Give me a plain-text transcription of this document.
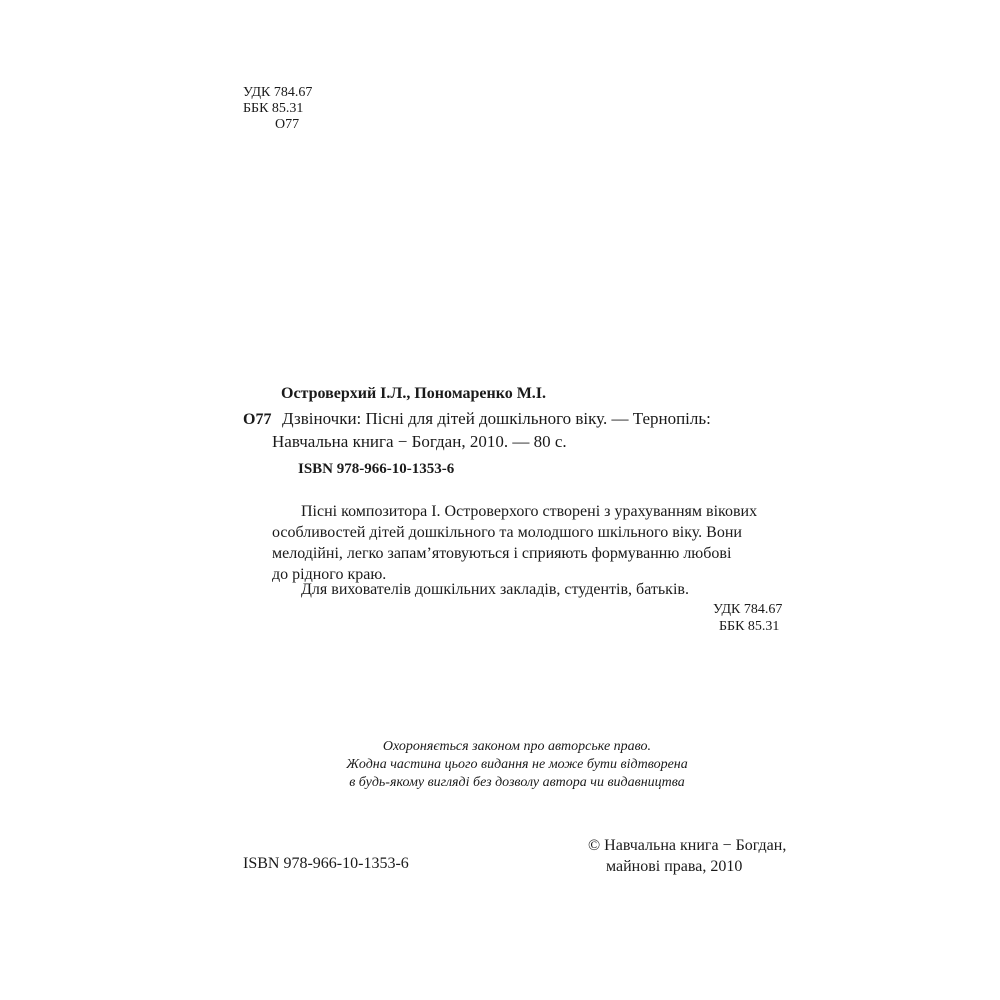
УДК 784.67
ББК 85.31
О77
Островерхий І.Л., Пономаренко М.І.
О77 Дзвіночки: Пісні для дітей дошкільного віку. — Тернопіль:
Навчальна книга − Богдан, 2010. — 80 с.
ISBN 978-966-10-1353-6
Пісні композитора І. Островерхого створені з урахуванням вікових
особливостей дітей дошкільного та молодшого шкільного віку. Вони
мелодійні, легко запам’ятовуються і сприяють формуванню любові
до рідного краю.
Для вихователів дошкільних закладів, студентів, батьків.
УДК 784.67
ББК 85.31
Охороняється законом про авторське право.
Жодна частина цього видання не може бути відтворена
в будь-якому вигляді без дозволу автора чи видавництва
ISBN 978-966-10-1353-6
© Навчальна книга − Богдан,
майнові права, 2010
